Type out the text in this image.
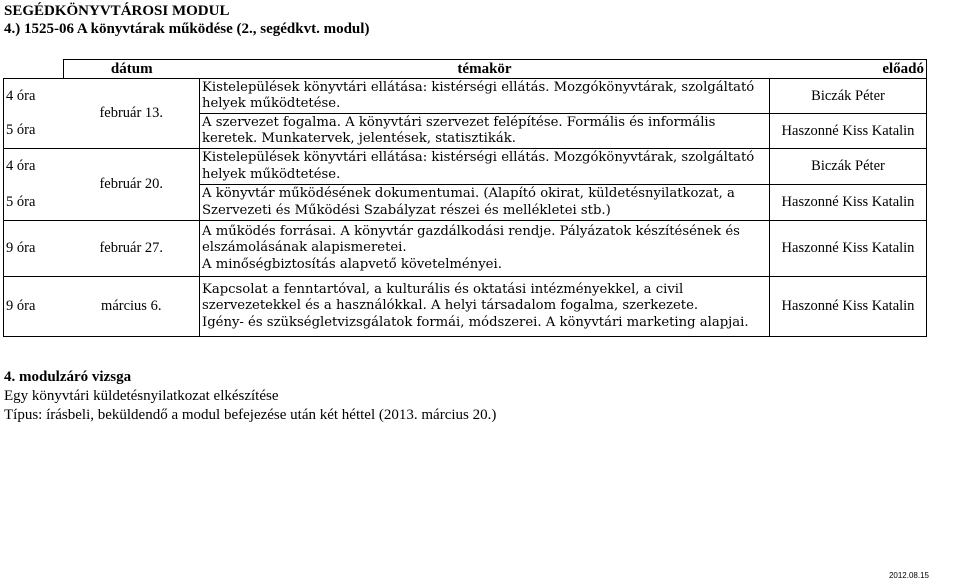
SEGÉDKÖNYVTÁROSI MODUL
4.) 1525-06 A könyvtárak működése (2., segédkvt. modul)
	dátum	témakör	előadó
4 óra	február 13.	Kistelepülések könyvtári ellátása: kistérségi ellátás. Mozgókönyvtárak, szolgáltató helyek működtetése.	Biczák Péter
5 óra		A szervezet fogalma. A könyvtári szervezet felépítése. Formális és informális keretek. Munkatervek, jelentések, statisztikák.	Haszonné Kiss Katalin
4 óra	február 20.	Kistelepülések könyvtári ellátása: kistérségi ellátás. Mozgókönyvtárak, szolgáltató helyek működtetése.	Biczák Péter
5 óra		A könyvtár működésének dokumentumai. (Alapító okirat, küldetésnyilatkozat, a Szervezeti és Működési Szabályzat részei és mellékletei stb.)	Haszonné Kiss Katalin
9 óra	február 27.	A működés forrásai. A könyvtár gazdálkodási rendje. Pályázatok készítésének és elszámolásának alapismeretei.
A minőségbiztosítás alapvető követelményei.	Haszonné Kiss Katalin
9 óra	március 6.	Kapcsolat a fenntartóval, a kulturális és oktatási intézményekkel, a civil szervezetekkel és a használókkal. A helyi társadalom fogalma, szerkezete.
Igény- és szükségletvizsgálatok formái, módszerei. A könyvtári marketing alapjai.	Haszonné Kiss Katalin
4. modulzáró vizsga
Egy könyvtári küldetésnyilatkozat elkészítése
Típus: írásbeli, beküldendő a modul befejezése után két héttel (2013. március 20.)
2012.08.15
